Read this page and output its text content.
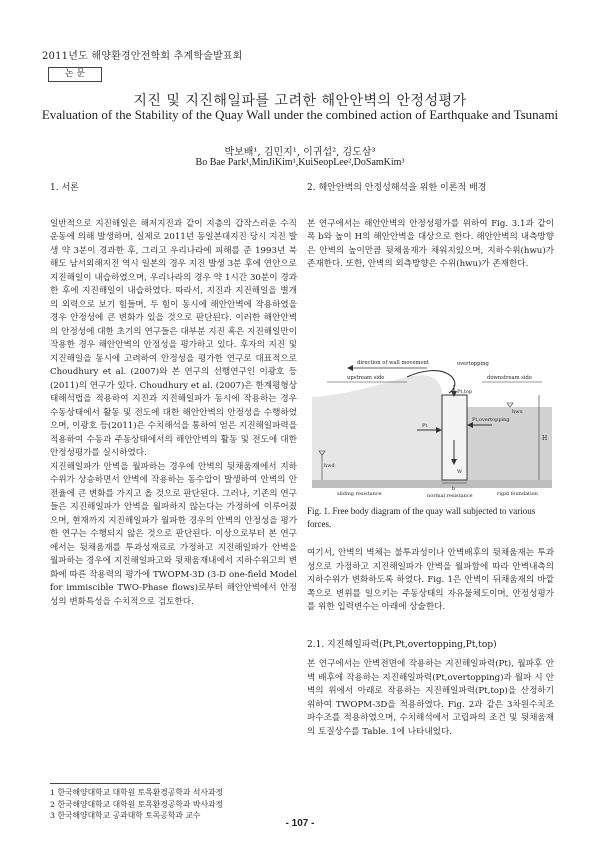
2011년도 해양환경안전학회 추계학술발표회
논 문
지진 및 지진해일파를 고려한 해안안벽의 안정성평가
Evaluation of the Stability of the Quay Wall under the combined action of Earthquake and Tsunami
박보배¹, 김민지¹, 이귀섭², 김도삼³
Bo Bae Park¹,MinJiKim¹,KuiSeopLee²,DoSamKim³

1. 서론

일반적으로 지진해일은 해저지진과 같이 지층의 갑작스러운 수직운동에 의해 발생하며, 실제로 2011년 동일본대지진 당시 지진 발생 약 3분이 경과한 후, 그리고 우리나라에 피해를 준 1993년 북해도 남서외해지진 역시 일본의 경우 지진 발생 3분 후에 연안으로 지진해일이 내습하였으며, 우리나라의 경우 약 1시간 30분이 경과한 후에 지진해일이 내습하였다. 따라서, 지진과 지진해일을 별개의 외력으로 보기 힘들며, 두 힘이 동시에 해안안벽에 작용하였을 경우 안정성에 큰 변화가 있을 것으로 판단된다. 이러한 해안안벽의 안정성에 대한 초기의 연구들은 대부분 지진 혹은 지진해일만이 작용한 경우 해안안벽의 안정성을 평가하고 있다. 후자의 지진 및 지진해일을 동시에 고려하여 안정성을 평가한 연구로 대표적으로 Choudhury et al. (2007)와 본 연구의 선행연구인 이광호 등(2011)의 연구가 있다. Choudhury et al. (2007)은 한계평형상태해석법을 적용하여 지진과 지진해일파가 동시에 작용하는 경우 수동상태에서 활동 및 전도에 대한 해안안벽의 안정성을 수행하였으며, 이광호 등(2011)은 수치해석을 통하여 얻은 지진해일파력을 적용하여 수동과 주동상태에서의 해안안벽의 활동 및 전도에 대한 안정성평가를 실시하였다.

지진해일파가 안벽을 월파하는 경우에 안벽의 뒷채움재에서 지하수위가 상승하면서 안벽에 작용하는 동수압이 발생하여 안벽의 안전율에 큰 변화를 가지고 올 것으로 판단된다. 그러나, 기존의 연구들은 지진해일파가 안벽을 월파하지 않는다는 가정하에 이루어졌으며, 현재까지 지진해일파가 월파한 경우의 안벽의 안정성을 평가한 연구는 수행되지 않은 것으로 판단된다. 이상으로부터 본 연구에서는 뒷채움재를 투과성재료로 가정하고 지진해일파가 안벽을 월파하는 경우에 지진해일파고와 뒷채움재내에서 지하수위고의 변화에 따른 작용력의 평가에 TWOPM-3D (3-D one-field Model for immiscible TWO-Phase flows)로부터 해안안벽에서 안정성의 변화특성을 수치적으로 검토한다.

1 한국해양대학교 대학원 토목환경공학과 석사과정
2 한국해양대학교 대학원 토목환경공학과 박사과정
3 한국해양대학교 공과대학 토목공학과 교수

2. 해안안벽의 안정성해석을 위한 이론적 배경

본 연구에서는 해안안벽의 안정성평가를 위하여 Fig. 3.1과 같이 폭 b와 높이 H의 해안안벽을 대상으로 한다. 해안안벽의 내측방향은 안벽의 높이만큼 뒷채움재가 채워지있으며, 지하수위(hwu)가 존재한다. 또한, 안벽의 외측방향은 수위(hwu)가 존재한다.

direction of wall movement	overtopping
upstream side	downstream side
Pt,top
Pt
Pt,overtopping
hwd
hwu
H
W
b
sliding resistance	normal resistance	rigid foundation
Fig. 1. Free body diagram of the quay wall subjected to various forces.
여기서, 안벽의 벽체는 불투과성이나 안벽배후의 뒷채움재는 투과성으로 가정하고 지진해일파가 안벽을 월파함에 따라 안벽내측의 지하수위가 변화하도록 하였다. Fig. 1은 안벽이 뒤채움재의 바깥쪽으로 변위를 일으키는 주동상태의 자유물체도이며, 안정성평가를 위한 입력변수는 아래에 상술한다.
2.1. 지진해일파력(Pt,Pt,overtopping,Pt,top)
본 연구에서는 안벽전면에 작용하는 지진해일파력(Pt), 월파후 안벽 배후에 작용하는 지진해일파력(Pt,overtopping)과 월파 시 안벽의 위에서 아래로 작용하는 지진해일파력(Pt,top)을 산정하기 위하여 TWOPM-3D을 적용하였다. Fig. 2과 같은 3차원수치조파수조를 적용하였으며, 수치해석에서 고립파의 조건 및 뒷채움재의 토질상수를 Table. 1에 나타내었다.
- 107 -
